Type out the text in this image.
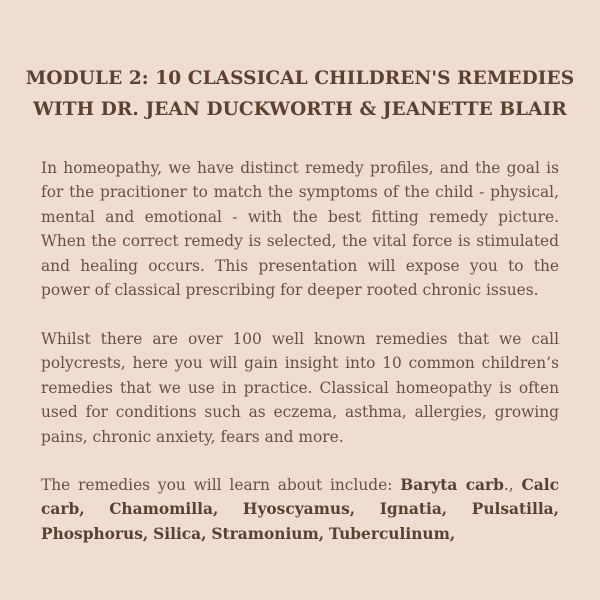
MODULE 2: 10 CLASSICAL CHILDREN'S REMEDIES
WITH DR. JEAN DUCKWORTH & JEANETTE BLAIR

In homeopathy, we have distinct remedy profiles, and the goal is for the pracitioner to match the symptoms of the child - physical, mental and emotional - with the best fitting remedy picture. When the correct remedy is selected, the vital force is stimulated and healing occurs. This presentation will expose you to the power of classical prescribing for deeper rooted chronic issues.

Whilst there are over 100 well known remedies that we call polycrests, here you will gain insight into 10 common children’s remedies that we use in practice. Classical homeopathy is often used for conditions such as eczema, asthma, allergies, growing pains, chronic anxiety, fears and more.

The remedies you will learn about include: Baryta carb., Calc carb, Chamomilla, Hyoscyamus, Ignatia, Pulsatilla, Phosphorus, Silica, Stramonium, Tuberculinum,
